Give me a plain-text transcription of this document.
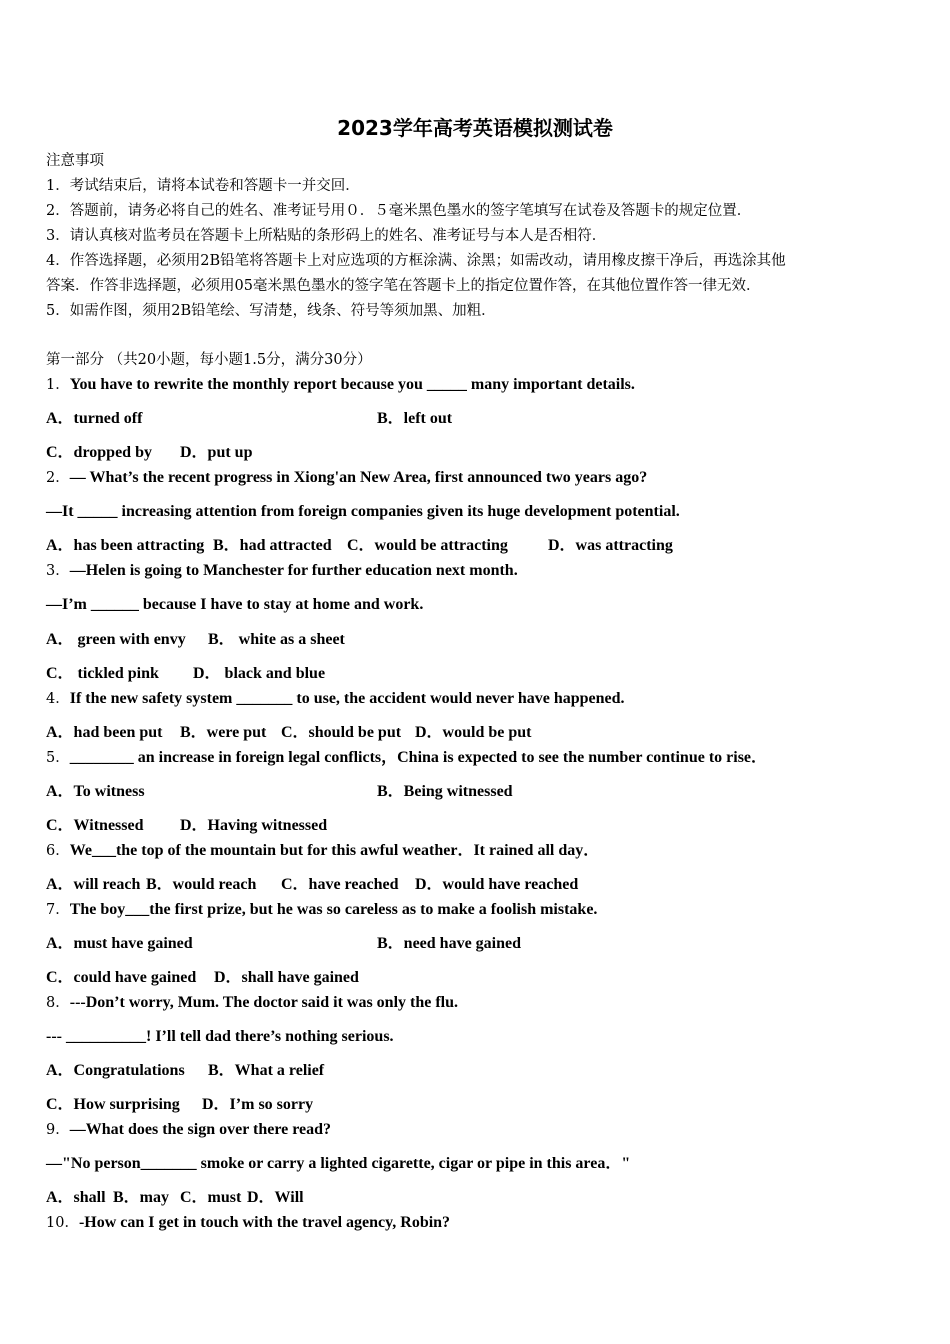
2023学年高考英语模拟测试卷
注意事项
1．考试结束后，请将本试卷和答题卡一并交回．
2．答题前，请务必将自己的姓名、准考证号用０．５毫米黑色墨水的签字笔填写在试卷及答题卡的规定位置．
3．请认真核对监考员在答题卡上所粘贴的条形码上的姓名、准考证号与本人是否相符．
4．作答选择题，必须用2B铅笔将答题卡上对应选项的方框涂满、涂黑；如需改动，请用橡皮擦干净后，再选涂其他
答案．作答非选择题，必须用05毫米黑色墨水的签字笔在答题卡上的指定位置作答，在其他位置作答一律无效．
5．如需作图，须用2B铅笔绘、写清楚，线条、符号等须加黑、加粗．
第一部分 （共20小题，每小题1.5分，满分30分）
1．You have to rewrite the monthly report because you _____ many important details.
A．turned off	B．left out
C．dropped by D．put up
2．— What’s the recent progress in Xiong'an New Area, first announced two years ago?
—It _____ increasing attention from foreign companies given its huge development potential.
A．has been attracting B．had attracted C．would be attracting	D．was attracting
3．—Helen is going to Manchester for further education next month.
—I’m ______ because I have to stay at home and work.
A． green with envy B． white as a sheet
C． tickled pink D． black and blue
4．If the new safety system _______ to use, the accident would never have happened.
A．had been put B．were put C．should be put D．would be put
5．________ an increase in foreign legal conflicts，China is expected to see the number continue to rise．
A．To witness	B．Being witnessed
C．Witnessed D．Having witnessed
6．We___the top of the mountain but for this awful weather．It rained all day．
A．will reach B．would reach C．have reached D．would have reached
7．The boy___the first prize, but he was so careless as to make a foolish mistake.
A．must have gained	B．need have gained
C．could have gained D．shall have gained
8．---Don’t worry, Mum. The doctor said it was only the flu.
--- __________! I’ll tell dad there’s nothing serious.
A．Congratulations B．What a relief
C．How surprising D．I’m so sorry
9．—What does the sign over there read?
—"No person_______ smoke or carry a lighted cigarette, cigar or pipe in this area．"
A．shall B．may C．must D．Will
10．-How can I get in touch with the travel agency, Robin?
